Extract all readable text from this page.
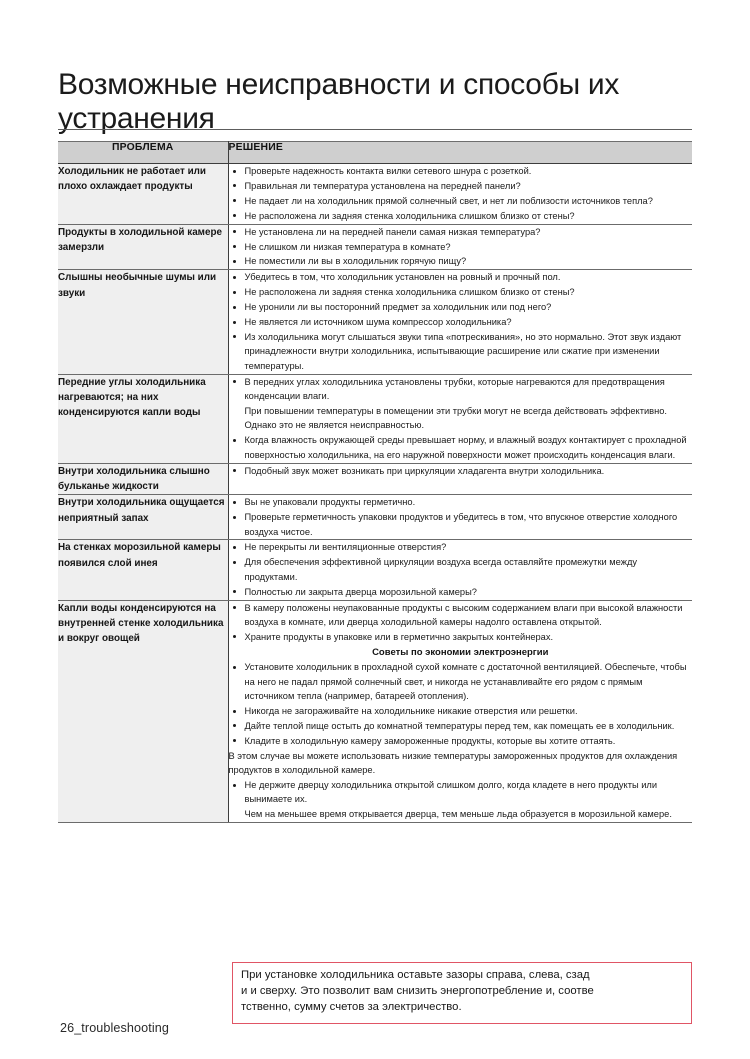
Возможные неисправности и способы их устранения
ПРОБЛЕМА	РЕШЕНИЕ
Холодильник не работает или плохо охлаждает продукты	
Проверьте надежность контакта вилки сетевого шнура с розеткой.
Правильная ли температура установлена на передней панели?
Не падает ли на холодильник прямой солнечный свет, и нет ли поблизости источников тепла?
Не расположена ли задняя стенка холодильника слишком близко от стены?

Продукты в холодильной камере замерзли	
Не установлена ли на передней панели самая низкая температура?
Не слишком ли низкая температура в комнате?
Не поместили ли вы в холодильник горячую пищу?

Слышны необычные шумы или звуки	
Убедитесь в том, что холодильник установлен на ровный и прочный пол.
Не расположена ли задняя стенка холодильника слишком близко от стены?
Не уронили ли вы посторонний предмет за холодильник или под него?
Не является ли источником шума компрессор холодильника?
Из холодильника могут слышаться звуки типа «потрескивания», но это нормально. Этот звук издают принадлежности внутри холодильника, испытывающие расширение или сжатие при изменении температуры.

Передние углы холодильника нагреваются; на них конденсируются капли воды	
В передних углах холодильника установлены трубки, которые нагреваются для предотвращения конденсации влаги.
При повышении температуры в помещении эти трубки могут не всегда действовать эффективно. Однако это не является неисправностью.
Когда влажность окружающей среды превышает норму, и влажный воздух контактирует с прохладной поверхностью холодильника, на его наружной поверхности может происходить конденсация влаги.

Внутри холодильника слышно бульканье жидкости	
Подобный звук может возникать при циркуляции хладагента внутри холодильника.

Внутри холодильника ощущается неприятный запах	
Вы не упаковали продукты герметично.
Проверьте герметичность упаковки продуктов и убедитесь в том, что впускное отверстие холодного воздуха чистое.

На стенках морозильной камеры появился слой инея	
Не перекрыты ли вентиляционные отверстия?
Для обеспечения эффективной циркуляции воздуха всегда оставляйте промежутки между продуктами.
Полностью ли закрыта дверца морозильной камеры?

Капли воды конденсируются на внутренней стенке холодильника и вокруг овощей	
В камеру положены неупакованные продукты с высоким содержанием влаги при высокой влажности воздуха в комнате, или дверца холодильной камеры надолго оставлена открытой.
Храните продукты в упаковке или в герметично закрытых контейнерах.
Советы по экономии электроэнергии
Установите холодильник в прохладной сухой комнате с достаточной вентиляцией. Обеспечьте, чтобы на него не падал прямой солнечный свет, и никогда не устанавливайте его рядом с прямым источником тепла (например, батареей отопления).
Никогда не загораживайте на холодильнике никакие отверстия или решетки.
Дайте теплой пище остыть до комнатной температуры перед тем, как помещать ее в холодильник.
Кладите в холодильную камеру замороженные продукты, которые вы хотите оттаять.
В этом случае вы можете использовать низкие температуры замороженных продуктов для охлаждения продуктов в холодильной камере.
Не держите дверцу холодильника открытой слишком долго, когда кладете в него продукты или вынимаете их.
Чем на меньшее время открывается дверца, тем меньше льда образуется в морозильной камере.
При установке холодильника оставьте зазоры справа, слева, сзад
и и сверху. Это позволит вам снизить энергопотребление и, соотве
тственно, сумму счетов за электричество.
26_troubleshooting
